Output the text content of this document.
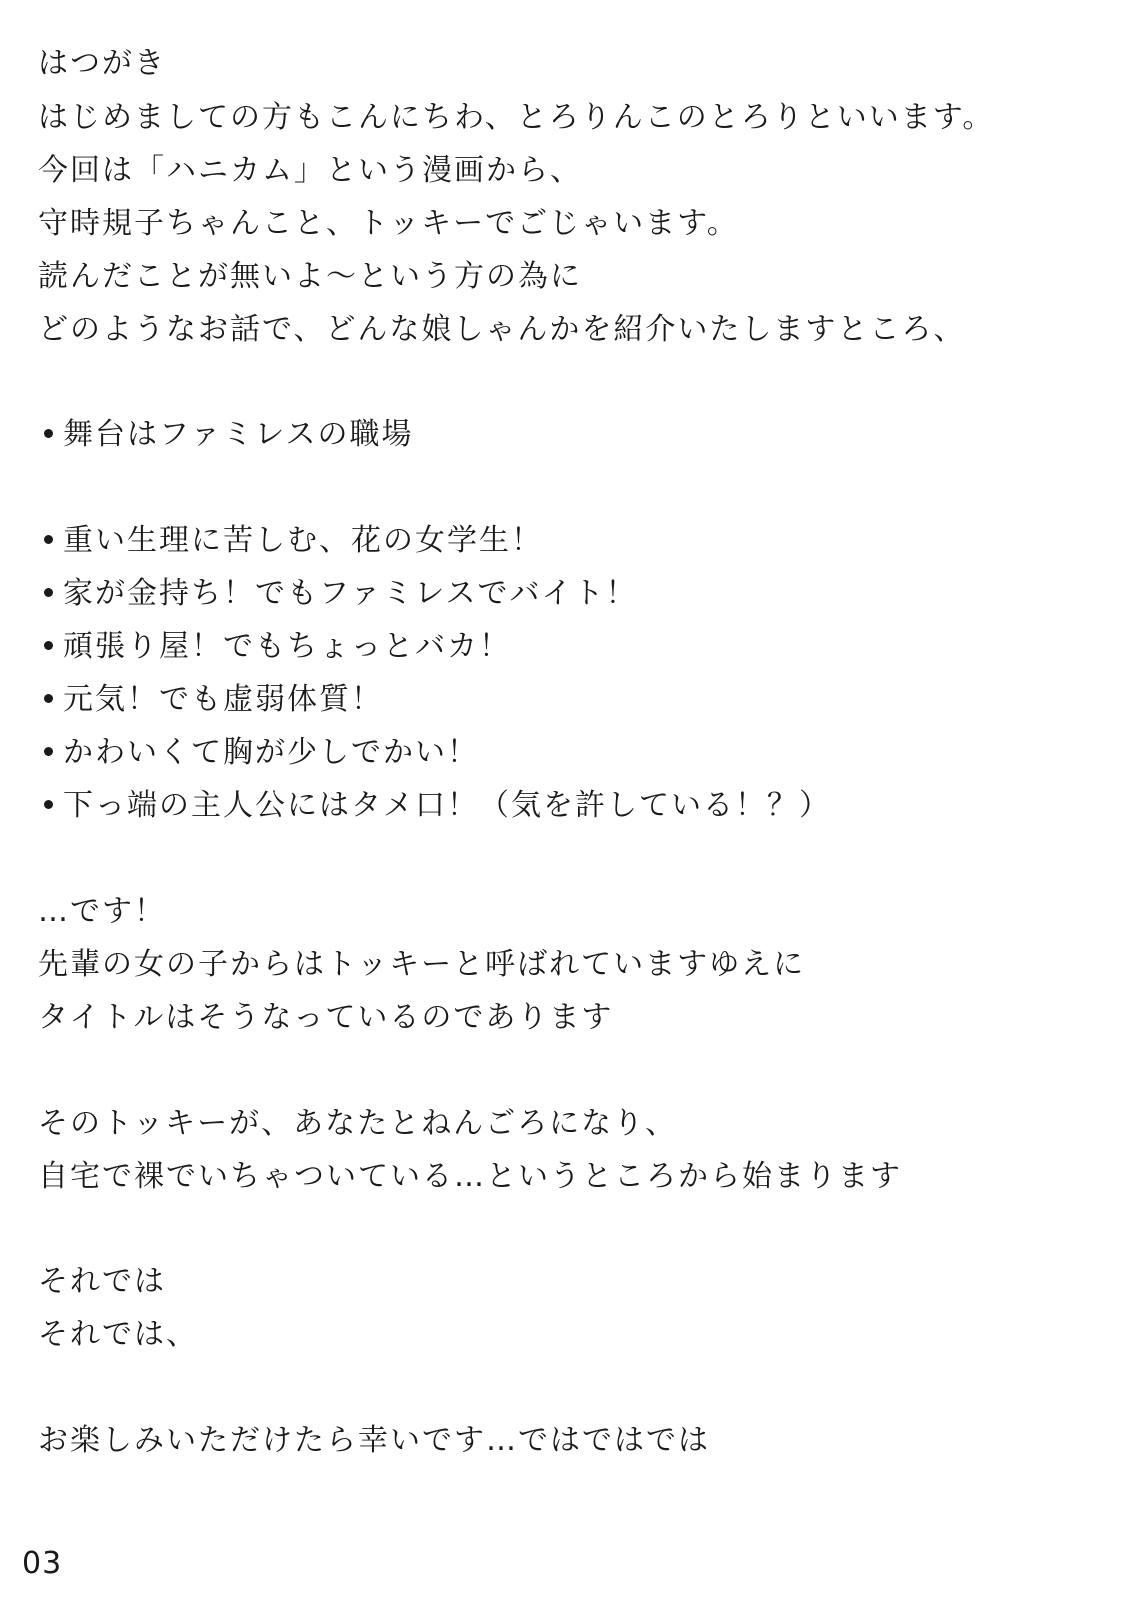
はつがき
はじめましての方もこんにちわ、とろりんこのとろりといいます。
今回は「ハニカム」という漫画から、
守時規子ちゃんこと、トッキーでごじゃいます。
読んだことが無いよ～という方の為に
どのようなお話で、どんな娘しゃんかを紹介いたしますところ、
舞台はファミレスの職場
重い生理に苦しむ、花の女学生！
家が金持ち！でもファミレスでバイト！
頑張り屋！でもちょっとバカ！
元気！でも虚弱体質！
かわいくて胸が少しでかい！
下っ端の主人公にはタメ口！（気を許している！？）
…です！
先輩の女の子からはトッキーと呼ばれていますゆえに
タイトルはそうなっているのであります
そのトッキーが、あなたとねんごろになり、
自宅で裸でいちゃついている…というところから始まります
それでは
それでは、
お楽しみいただけたら幸いです…ではではでは
03
